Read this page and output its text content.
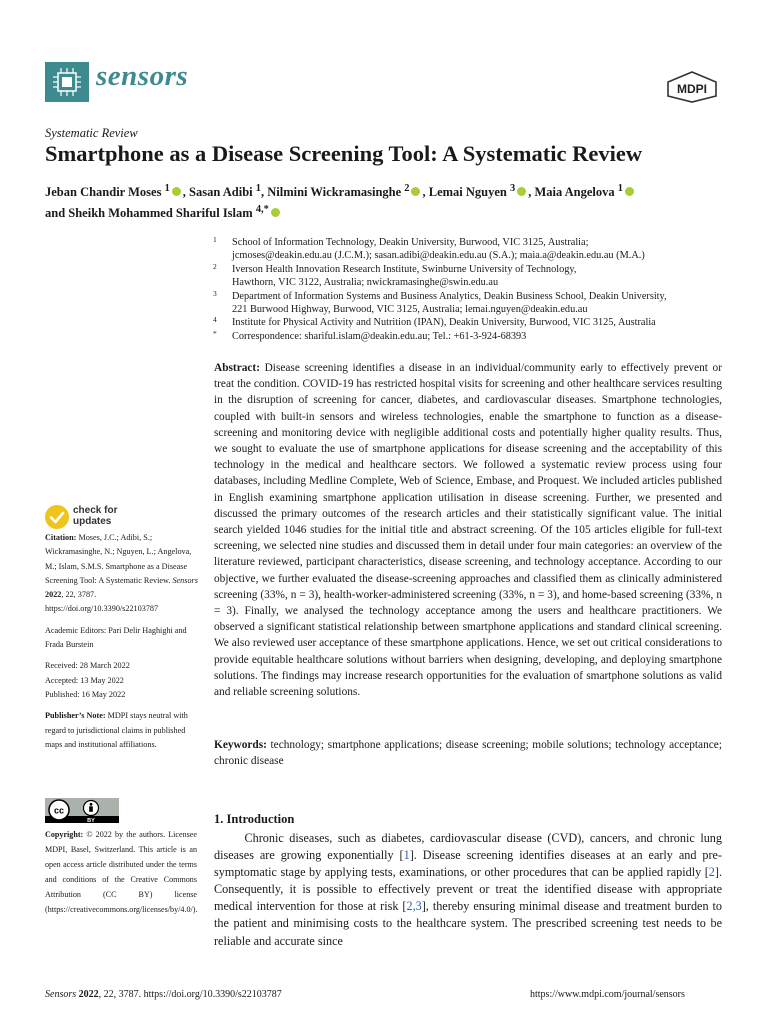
sensors	MDPI
Systematic Review
Smartphone as a Disease Screening Tool: A Systematic Review
Jeban Chandir Moses $^1$ , Sasan Adibi $^1$, Nilmini Wickramasinghe $^2$ , Lemai Nguyen $^3$ , Maia Angelova $^1$
and Sheikh Mohammed Shariful Islam $^{4,*}$
1 School of Information Technology, Deakin University, Burwood, VIC 3125, Australia;
jcmoses@deakin.edu.au (J.C.M.); sasan.adibi@deakin.edu.au (S.A.); maia.a@deakin.edu.au (M.A.)
2 Iverson Health Innovation Research Institute, Swinburne University of Technology,
Hawthorn, VIC 3122, Australia; nwickramasinghe@swin.edu.au
3 Department of Information Systems and Business Analytics, Deakin Business School, Deakin University,
221 Burwood Highway, Burwood, VIC 3125, Australia; lemai.nguyen@deakin.edu.au
4 Institute for Physical Activity and Nutrition (IPAN), Deakin University, Burwood, VIC 3125, Australia
* Correspondence: shariful.islam@deakin.edu.au; Tel.: +61-3-924-68393
Abstract: Disease screening identifies a disease in an individual/community early to effectively prevent or treat the condition. COVID-19 has restricted hospital visits for screening and other healthcare services resulting in the disruption of screening for cancer, diabetes, and cardiovascular diseases. Smartphone technologies, coupled with built-in sensors and wireless technologies, enable the smartphone to function as a disease-screening and monitoring device with negligible additional costs and potentially higher quality results. Thus, we sought to evaluate the use of smartphone applications for disease screening and the acceptability of this technology in the medical and healthcare sectors. We followed a systematic review process using four databases, including Medline Complete, Web of Science, Embase, and Proquest. We included articles published in English examining smartphone application utilisation in disease screening. Further, we presented and discussed the primary outcomes of the research articles and their statistically significant value. The initial search yielded 1046 studies for the initial title and abstract screening. Of the 105 articles eligible for full-text screening, we selected nine studies and discussed them in detail under four main categories: an overview of the literature reviewed, participant characteristics, disease screening, and technology acceptance. According to our objective, we further evaluated the disease-screening approaches and classified them as clinically administered screening (33%, n = 3), health-worker-administered screening (33%, n = 3), and home-based screening (33%, n = 3). Finally, we analysed the technology acceptance among the users and healthcare practitioners. We observed a significant statistical relationship between smartphone applications and standard clinical screening. We also reviewed user acceptance of these smartphone applications. Hence, we set out critical considerations to provide equitable healthcare solutions without barriers when designing, developing, and deploying smartphone solutions. The findings may increase research opportunities for the evaluation of smartphone solutions as valid and reliable screening solutions.
Keywords: technology; smartphone applications; disease screening; mobile solutions; technology acceptance; chronic disease
check for
updates

Citation: Moses, J.C.; Adibi, S.; Wickramasinghe, N.; Nguyen, L.; Angelova, M.; Islam, S.M.S. Smartphone as a Disease Screening Tool: A Systematic Review. Sensors 2022, 22, 3787. https://doi.org/10.3390/s22103787

Academic Editors: Pari Delir Haghighi and Frada Burstein

Received: 28 March 2022

Accepted: 13 May 2022

Published: 16 May 2022

Publisher’s Note: MDPI stays neutral with regard to jurisdictional claims in published maps and institutional affiliations.

cc
BY
Copyright: © 2022 by the authors. Licensee MDPI, Basel, Switzerland. This article is an open access article distributed under the terms and conditions of the Creative Commons Attribution (CC BY) license (https://creativecommons.org/licenses/by/4.0/).
1. Introduction
   Chronic diseases, such as diabetes, cardiovascular disease (CVD), cancers, and chronic lung diseases are growing exponentially [1]. Disease screening identifies diseases at an early and pre-symptomatic stage by applying tests, examinations, or other procedures that can be applied rapidly [2]. Consequently, it is possible to effectively prevent or treat the identified disease with appropriate medical intervention for those at risk [2,3], thereby ensuring minimal disease and treatment burden to the patient and minimising costs to the healthcare system. The prescribed screening test needs to be reliable and accurate since
Sensors 2022, 22, 3787. https://doi.org/10.3390/s22103787	https://www.mdpi.com/journal/sensors
